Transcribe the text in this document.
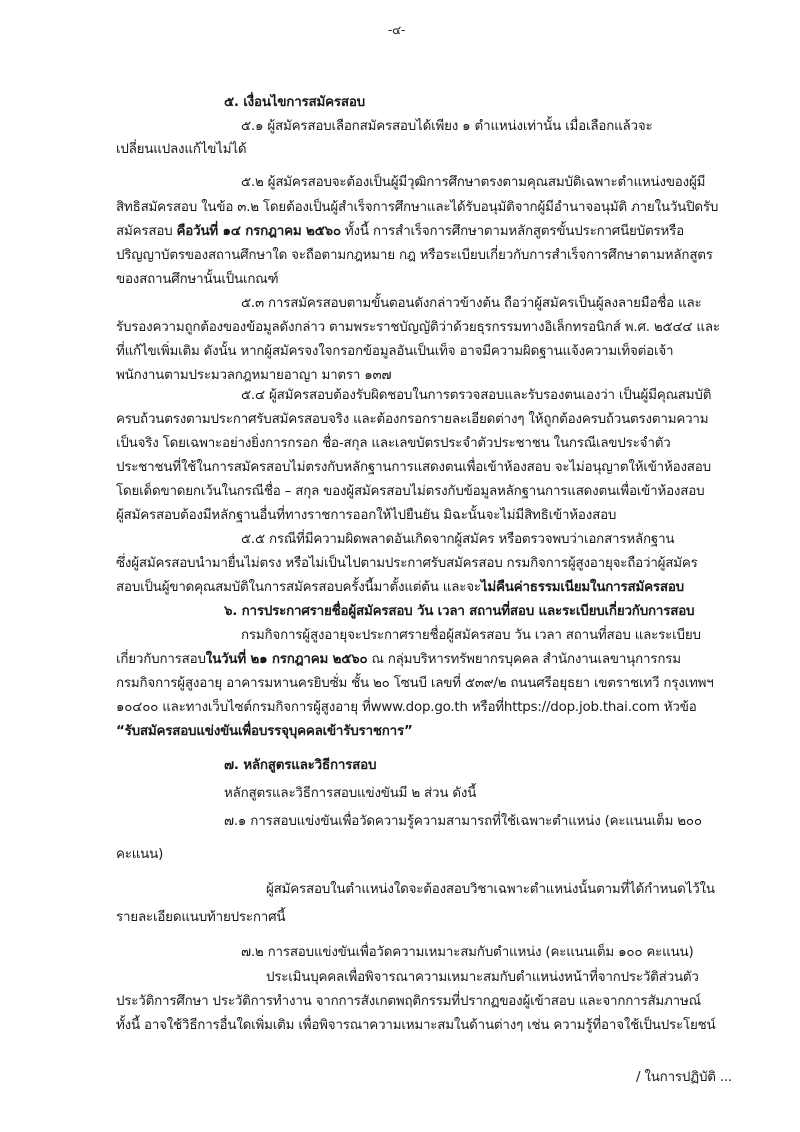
-๔-
๕. เงื่อนไขการสมัครสอบ
๕.๑ ผู้สมัครสอบเลือกสมัครสอบได้เพียง ๑ ตำแหน่งเท่านั้น เมื่อเลือกแล้วจะ
เปลี่ยนแปลงแก้ไขไม่ได้
๕.๒ ผู้สมัครสอบจะต้องเป็นผู้มีวุฒิการศึกษาตรงตามคุณสมบัติเฉพาะตำแหน่งของผู้มี
สิทธิสมัครสอบ ในข้อ ๓.๒ โดยต้องเป็นผู้สำเร็จการศึกษาและได้รับอนุมัติจากผู้มีอำนาจอนุมัติ ภายในวันปิดรับ
สมัครสอบ คือวันที่ ๑๔ กรกฎาคม ๒๕๖๐ ทั้งนี้ การสำเร็จการศึกษาตามหลักสูตรขั้นประกาศนียบัตรหรือ
ปริญญาบัตรของสถานศึกษาใด จะถือตามกฎหมาย กฎ หรือระเบียบเกี่ยวกับการสำเร็จการศึกษาตามหลักสูตร
ของสถานศึกษานั้นเป็นเกณฑ์
๕.๓ การสมัครสอบตามขั้นตอนดังกล่าวข้างต้น ถือว่าผู้สมัครเป็นผู้ลงลายมือชื่อ และ
รับรองความถูกต้องของข้อมูลดังกล่าว ตามพระราชบัญญัติว่าด้วยธุรกรรมทางอิเล็กทรอนิกส์ พ.ศ. ๒๕๔๔ และ
ที่แก้ไขเพิ่มเติม ดังนั้น หากผู้สมัครจงใจกรอกข้อมูลอันเป็นเท็จ อาจมีความผิดฐานแจ้งความเท็จต่อเจ้า
พนักงานตามประมวลกฎหมายอาญา มาตรา ๑๓๗
๕.๔ ผู้สมัครสอบต้องรับผิดชอบในการตรวจสอบและรับรองตนเองว่า เป็นผู้มีคุณสมบัติ
ครบถ้วนตรงตามประกาศรับสมัครสอบจริง และต้องกรอกรายละเอียดต่างๆ ให้ถูกต้องครบถ้วนตรงตามความ
เป็นจริง โดยเฉพาะอย่างยิ่งการกรอก ชื่อ-สกุล และเลขบัตรประจำตัวประชาชน ในกรณีเลขประจำตัว
ประชาชนที่ใช้ในการสมัครสอบไม่ตรงกับหลักฐานการแสดงตนเพื่อเข้าห้องสอบ จะไม่อนุญาตให้เข้าห้องสอบ
โดยเด็ดขาดยกเว้นในกรณีชื่อ – สกุล ของผู้สมัครสอบไม่ตรงกับข้อมูลหลักฐานการแสดงตนเพื่อเข้าห้องสอบ
ผู้สมัครสอบต้องมีหลักฐานอื่นที่ทางราชการออกให้ไปยืนยัน มิฉะนั้นจะไม่มีสิทธิเข้าห้องสอบ
๕.๕ กรณีที่มีความผิดพลาดอันเกิดจากผู้สมัคร หรือตรวจพบว่าเอกสารหลักฐาน
ซึ่งผู้สมัครสอบนำมายื่นไม่ตรง หรือไม่เป็นไปตามประกาศรับสมัครสอบ กรมกิจการผู้สูงอายุจะถือว่าผู้สมัคร
สอบเป็นผู้ขาดคุณสมบัติในการสมัครสอบครั้งนี้มาตั้งแต่ต้น และจะไม่คืนค่าธรรมเนียมในการสมัครสอบ
๖. การประกาศรายชื่อผู้สมัครสอบ วัน เวลา สถานที่สอบ และระเบียบเกี่ยวกับการสอบ
กรมกิจการผู้สูงอายุจะประกาศรายชื่อผู้สมัครสอบ วัน เวลา สถานที่สอบ และระเบียบ
เกี่ยวกับการสอบในวันที่ ๒๑ กรกฎาคม ๒๕๖๐ ณ กลุ่มบริหารทรัพยากรบุคคล สำนักงานเลขานุการกรม
กรมกิจการผู้สูงอายุ อาคารมหานครยิบซั่ม ชั้น ๒๐ โซนบี เลขที่ ๕๓๙/๒ ถนนศรีอยุธยา เขตราชเทวี กรุงเทพฯ
๑๐๔๐๐ และทางเว็บไซต์กรมกิจการผู้สูงอายุ ที่www.dop.go.th หรือที่https://dop.job.thai.com หัวข้อ
“รับสมัครสอบแข่งขันเพื่อบรรจุบุคคลเข้ารับราชการ”
๗. หลักสูตรและวิธีการสอบ
หลักสูตรและวิธีการสอบแข่งขันมี ๒ ส่วน ดังนี้
๗.๑ การสอบแข่งขันเพื่อวัดความรู้ความสามารถที่ใช้เฉพาะตำแหน่ง (คะแนนเต็ม ๒๐๐
คะแนน)
ผู้สมัครสอบในตำแหน่งใดจะต้องสอบวิชาเฉพาะตำแหน่งนั้นตามที่ได้กำหนดไว้ใน
รายละเอียดแนบท้ายประกาศนี้
๗.๒ การสอบแข่งขันเพื่อวัดความเหมาะสมกับตำแหน่ง (คะแนนเต็ม ๑๐๐ คะแนน)
ประเมินบุคคลเพื่อพิจารณาความเหมาะสมกับตำแหน่งหน้าที่จากประวัติส่วนตัว
ประวัติการศึกษา ประวัติการทำงาน จากการสังเกตพฤติกรรมที่ปรากฏของผู้เข้าสอบ และจากการสัมภาษณ์
ทั้งนี้ อาจใช้วิธีการอื่นใดเพิ่มเติม เพื่อพิจารณาความเหมาะสมในด้านต่างๆ เช่น ความรู้ที่อาจใช้เป็นประโยชน์
/ ในการปฏิบัติ ...
